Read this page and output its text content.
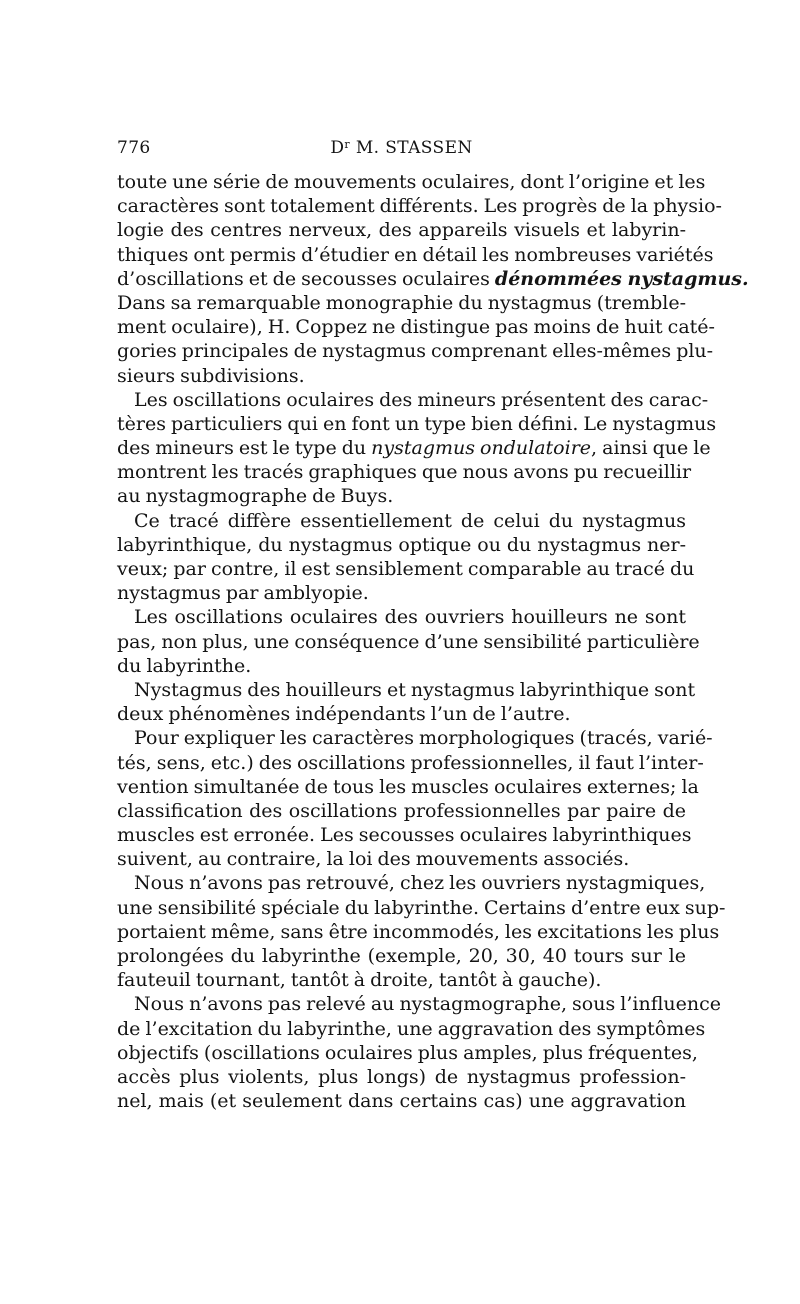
776	$D^r$ M. STASSEN
toute une série de mouvements oculaires, dont l’origine et les
caractères sont totalement différents. Les progrès de la physio-
logie des centres nerveux, des appareils visuels et labyrin-
thiques ont permis d’étudier en détail les nombreuses variétés
d’oscillations et de secousses oculaires dénommées nystagmus.
Dans sa remarquable monographie du nystagmus (tremble-
ment oculaire), H. Coppez ne distingue pas moins de huit caté-
gories principales de nystagmus comprenant elles-mêmes plu-
sieurs subdivisions.
Les oscillations oculaires des mineurs présentent des carac-
tères particuliers qui en font un type bien défini. Le nystagmus
des mineurs est le type du nystagmus ondulatoire, ainsi que le
montrent les tracés graphiques que nous avons pu recueillir
au nystagmographe de Buys.
Ce tracé diffère essentiellement de celui du nystagmus
labyrinthique, du nystagmus optique ou du nystagmus ner-
veux; par contre, il est sensiblement comparable au tracé du
nystagmus par amblyopie.
Les oscillations oculaires des ouvriers houilleurs ne sont
pas, non plus, une conséquence d’une sensibilité particulière
du labyrinthe.
Nystagmus des houilleurs et nystagmus labyrinthique sont
deux phénomènes indépendants l’un de l’autre.
Pour expliquer les caractères morphologiques (tracés, varié-
tés, sens, etc.) des oscillations professionnelles, il faut l’inter-
vention simultanée de tous les muscles oculaires externes; la
classification des oscillations professionnelles par paire de
muscles est erronée. Les secousses oculaires labyrinthiques
suivent, au contraire, la loi des mouvements associés.
Nous n’avons pas retrouvé, chez les ouvriers nystagmiques,
une sensibilité spéciale du labyrinthe. Certains d’entre eux sup-
portaient même, sans être incommodés, les excitations les plus
prolongées du labyrinthe (exemple, 20, 30, 40 tours sur le
fauteuil tournant, tantôt à droite, tantôt à gauche).
Nous n’avons pas relevé au nystagmographe, sous l’influence
de l’excitation du labyrinthe, une aggravation des symptômes
objectifs (oscillations oculaires plus amples, plus fréquentes,
accès plus violents, plus longs) de nystagmus profession-
nel, mais (et seulement dans certains cas) une aggravation
